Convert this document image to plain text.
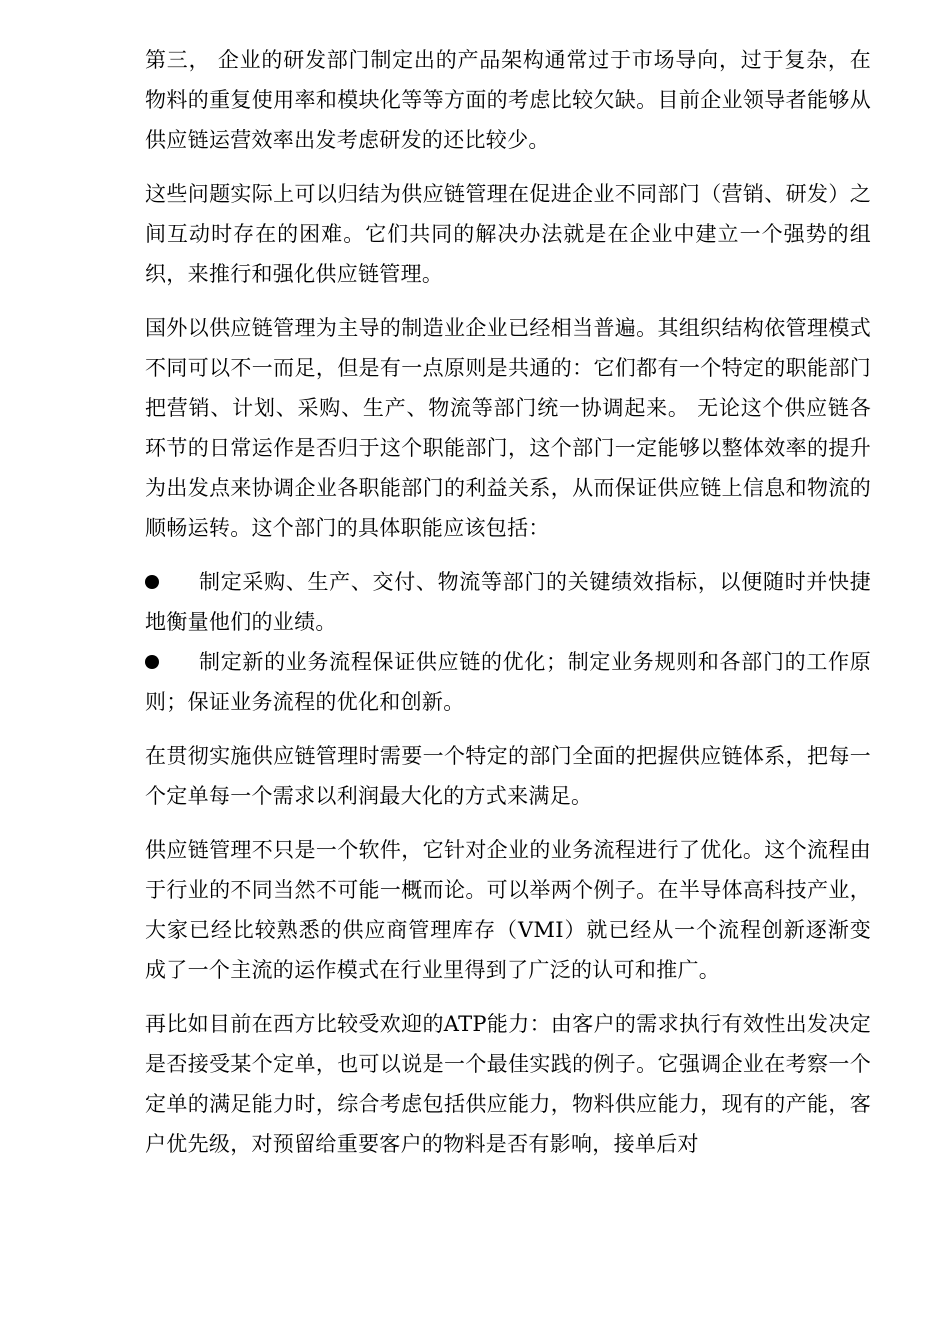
第三， 企业的研发部门制定出的产品架构通常过于市场导向，过于复杂，在物料的重复使用率和模块化等等方面的考虑比较欠缺。目前企业领导者能够从供应链运营效率出发考虑研发的还比较少。

这些问题实际上可以归结为供应链管理在促进企业不同部门（营销、研发）之间互动时存在的困难。它们共同的解决办法就是在企业中建立一个强势的组织，来推行和强化供应链管理。

国外以供应链管理为主导的制造业企业已经相当普遍。其组织结构依管理模式不同可以不一而足，但是有一点原则是共通的：它们都有一个特定的职能部门把营销、计划、采购、生产、物流等部门统一协调起来。 无论这个供应链各环节的日常运作是否归于这个职能部门，这个部门一定能够以整体效率的提升为出发点来协调企业各职能部门的利益关系，从而保证供应链上信息和物流的顺畅运转。这个部门的具体职能应该包括：

制定采购、生产、交付、物流等部门的关键绩效指标，以便随时并快捷地衡量他们的业绩。
制定新的业务流程保证供应链的优化；制定业务规则和各部门的工作原则；保证业务流程的优化和创新。

在贯彻实施供应链管理时需要一个特定的部门全面的把握供应链体系，把每一个定单每一个需求以利润最大化的方式来满足。

供应链管理不只是一个软件，它针对企业的业务流程进行了优化。这个流程由于行业的不同当然不可能一概而论。可以举两个例子。在半导体高科技产业，大家已经比较熟悉的供应商管理库存（VMI）就已经从一个流程创新逐渐变成了一个主流的运作模式在行业里得到了广泛的认可和推广。

再比如目前在西方比较受欢迎的ATP能力：由客户的需求执行有效性出发决定是否接受某个定单，也可以说是一个最佳实践的例子。它强调企业在考察一个定单的满足能力时，综合考虑包括供应能力，物料供应能力，现有的产能，客户优先级，对预留给重要客户的物料是否有影响，接单后对
